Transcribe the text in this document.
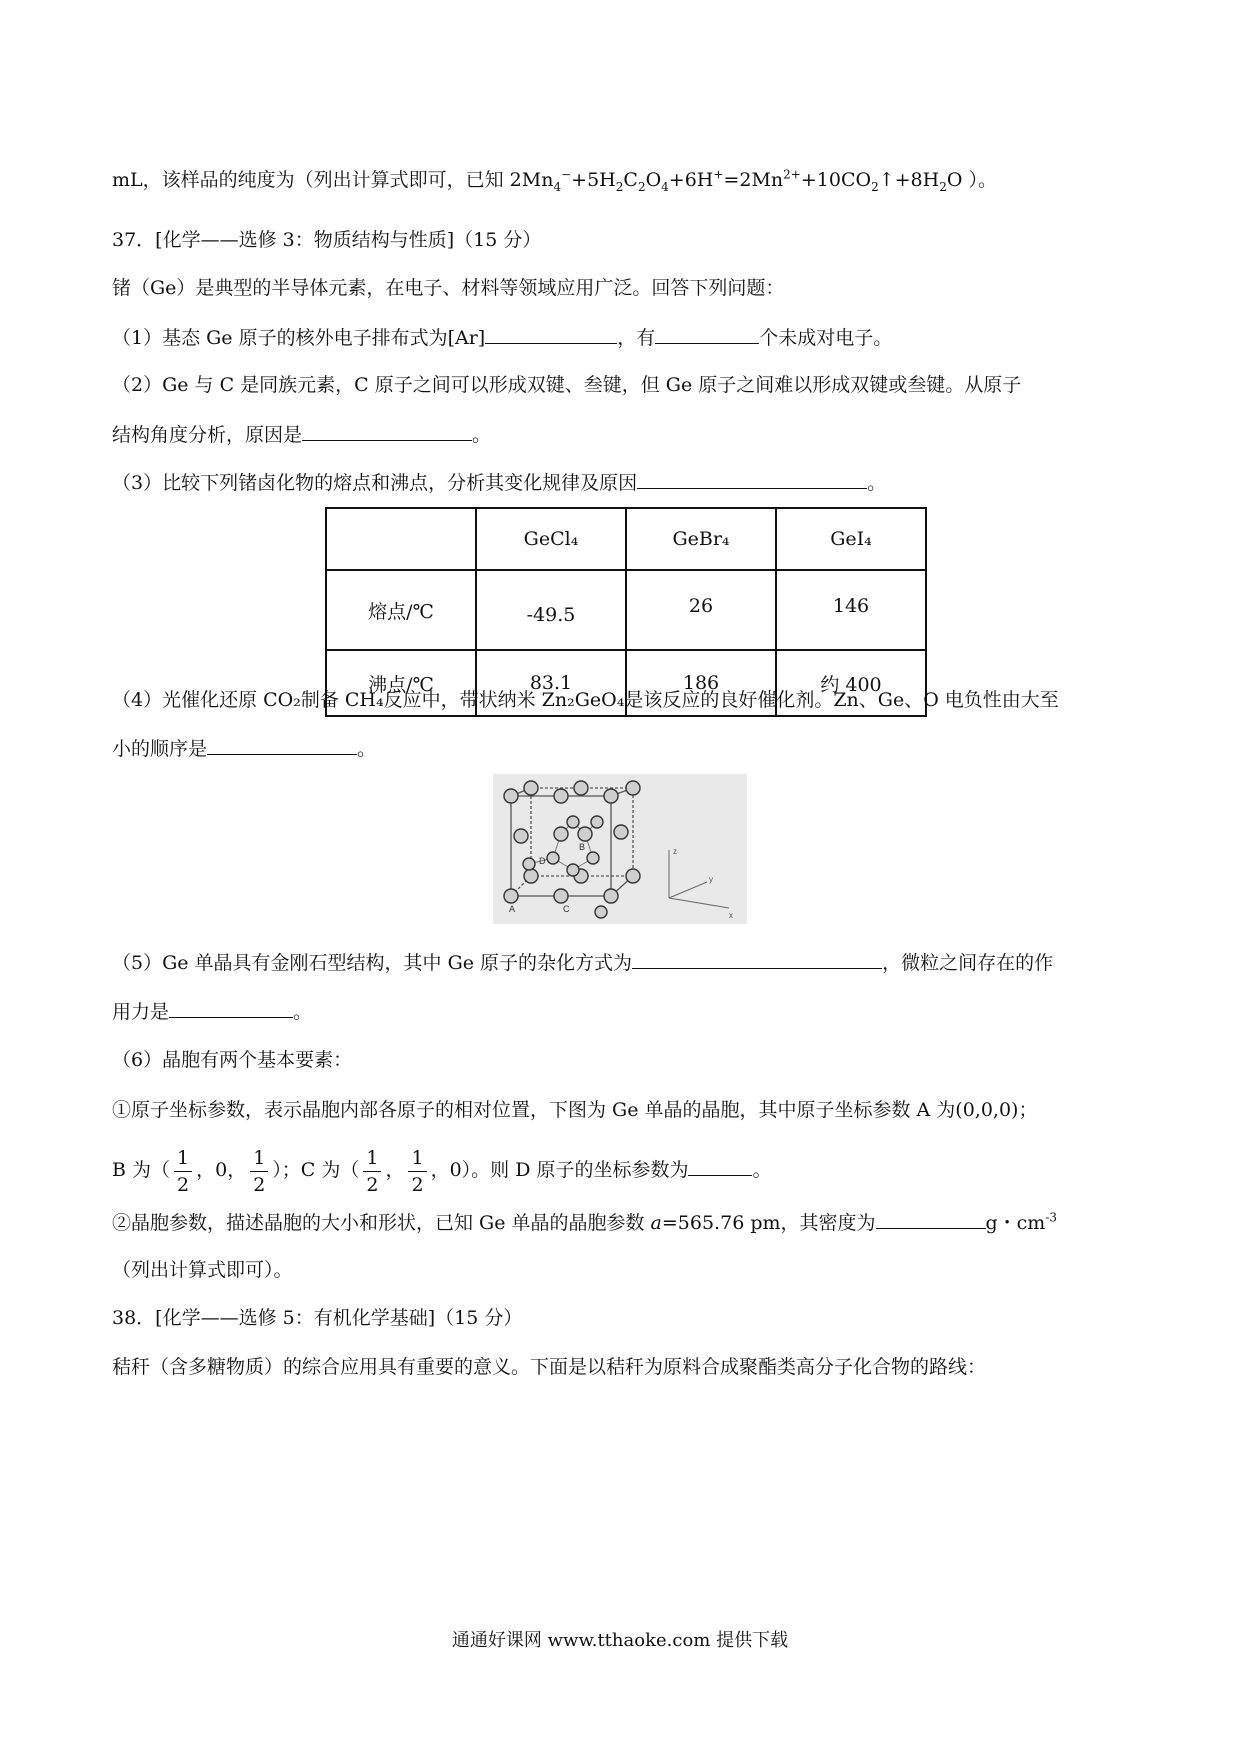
mL，该样品的纯度为（列出计算式即可，已知 $2Mn_4^-+5H_2C_2O_4+6H^+=2Mn^{2+}+10CO_2↑+8H_2O$ ）。
37．[化学——选修 3：物质结构与性质]（15 分）
锗（Ge）是典型的半导体元素，在电子、材料等领域应用广泛。回答下列问题：
（1）基态 Ge 原子的核外电子排布式为[Ar]	，有	个未成对电子。
（2）Ge 与 C 是同族元素，C 原子之间可以形成双键、叁键，但 Ge 原子之间难以形成双键或叁键。从原子
结构角度分析，原因是	。
（3）比较下列锗卤化物的熔点和沸点，分析其变化规律及原因	。
	GeCl₄	GeBr₄	GeI₄
熔点/℃	-49.5	26	146
沸点/℃	83.1	186	约 400
（4）光催化还原 CO₂制备 CH₄反应中，带状纳米 Zn₂GeO₄是该反应的良好催化剂。Zn、Ge、O 电负性由大至
小的顺序是	。
A
B
C
D
z
y
x
（5）Ge 单晶具有金刚石型结构，其中 Ge 原子的杂化方式为	，微粒之间存在的作
用力是	。
（6）晶胞有两个基本要素：
①原子坐标参数，表示晶胞内部各原子的相对位置，下图为 Ge 单晶的晶胞，其中原子坐标参数 A 为(0,0,0)；
B 为（ $\frac{1}{2}$ ，0， $\frac{1}{2}$ ）；C 为（ $\frac{1}{2}$ ， $\frac{1}{2}$ ，0）。则 D 原子的坐标参数为	。
②晶胞参数，描述晶胞的大小和形状，已知 Ge 单晶的晶胞参数 a=565.76 pm，其密度为	g・$cm^{-3}$
（列出计算式即可）。
38．[化学——选修 5：有机化学基础]（15 分）
秸秆（含多糖物质）的综合应用具有重要的意义。下面是以秸秆为原料合成聚酯类高分子化合物的路线：
通通好课网 www.tthaoke.com 提供下载
